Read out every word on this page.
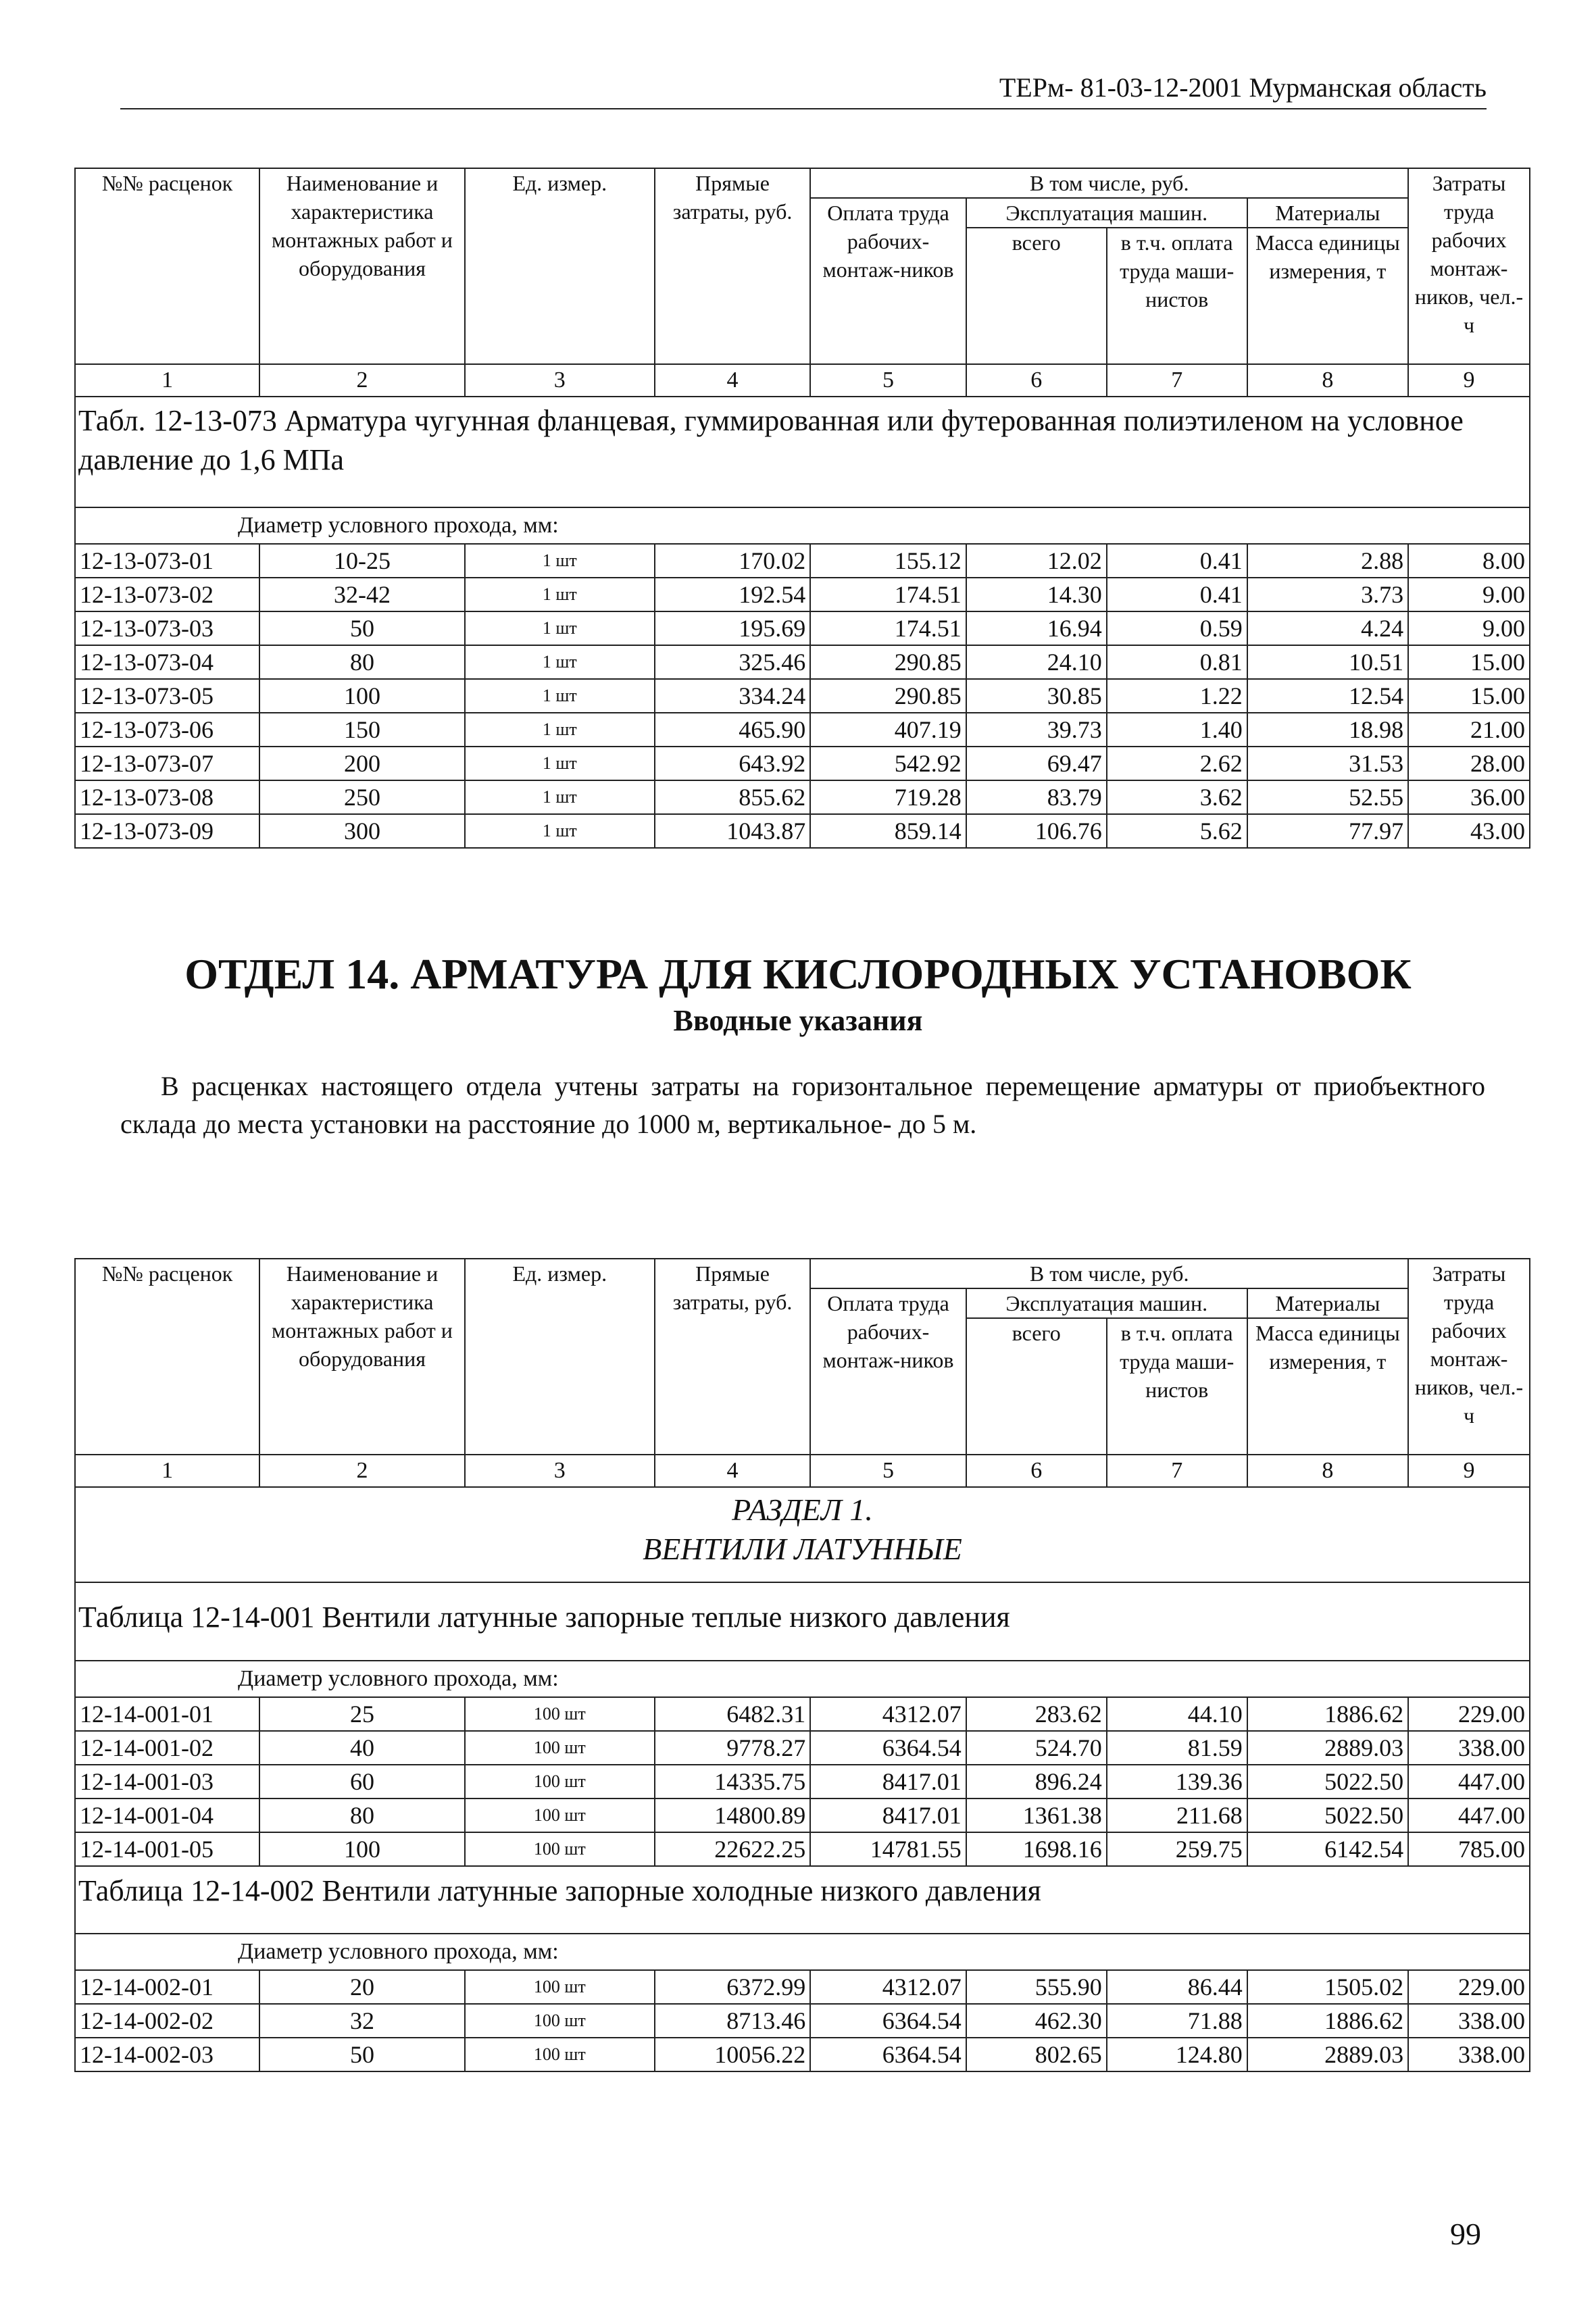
ТЕРм- 81-03-12-2001 Мурманская область
№№ расценок	Наименование и характеристика монтажных работ и оборудования	Ед. измер.	Прямые затраты, руб.	В том числе, руб.				Затраты труда рабочих монтаж-ников, чел.-ч
				Оплата труда рабочих-монтаж-ников	Эксплуатация машин.		Материалы	
					всего	в т.ч. оплата труда маши-нистов	Масса единицы измерения, т	
1	2	3	4	5	6	7	8	9
Табл. 12-13-073 Арматура чугунная фланцевая, гуммированная или футерованная полиэтиленом на условное давление до 1,6 МПа								
Диаметр условного прохода, мм:								
12-13-073-01	10-25	1 шт	170.02	155.12	12.02	0.41	2.88	8.00
12-13-073-02	32-42	1 шт	192.54	174.51	14.30	0.41	3.73	9.00
12-13-073-03	50	1 шт	195.69	174.51	16.94	0.59	4.24	9.00
12-13-073-04	80	1 шт	325.46	290.85	24.10	0.81	10.51	15.00
12-13-073-05	100	1 шт	334.24	290.85	30.85	1.22	12.54	15.00
12-13-073-06	150	1 шт	465.90	407.19	39.73	1.40	18.98	21.00
12-13-073-07	200	1 шт	643.92	542.92	69.47	2.62	31.53	28.00
12-13-073-08	250	1 шт	855.62	719.28	83.79	3.62	52.55	36.00
12-13-073-09	300	1 шт	1043.87	859.14	106.76	5.62	77.97	43.00
ОТДЕЛ 14. АРМАТУРА ДЛЯ КИСЛОРОДНЫХ УСТАНОВОК
Вводные указания
В расценках настоящего отдела учтены затраты на горизонтальное перемещение арматуры от приобъектного склада до места установки на расстояние до 1000 м, вертикальное- до 5 м.
№№ расценок	Наименование и характеристика монтажных работ и оборудования	Ед. измер.	Прямые затраты, руб.	В том числе, руб.				Затраты труда рабочих монтаж-ников, чел.-ч
				Оплата труда рабочих-монтаж-ников	Эксплуатация машин.		Материалы	
					всего	в т.ч. оплата труда маши-нистов	Масса единицы измерения, т	
1	2	3	4	5	6	7	8	9

РАЗДЕЛ 1.
ВЕНТИЛИ ЛАТУННЫЕ								

Таблица 12-14-001 Вентили латунные запорные теплые низкого давления								
Диаметр условного прохода, мм:								
12-14-001-01	25	100 шт	6482.31	4312.07	283.62	44.10	1886.62	229.00
12-14-001-02	40	100 шт	9778.27	6364.54	524.70	81.59	2889.03	338.00
12-14-001-03	60	100 шт	14335.75	8417.01	896.24	139.36	5022.50	447.00
12-14-001-04	80	100 шт	14800.89	8417.01	1361.38	211.68	5022.50	447.00
12-14-001-05	100	100 шт	22622.25	14781.55	1698.16	259.75	6142.54	785.00
Таблица 12-14-002 Вентили латунные запорные холодные низкого давления								
Диаметр условного прохода, мм:								
12-14-002-01	20	100 шт	6372.99	4312.07	555.90	86.44	1505.02	229.00
12-14-002-02	32	100 шт	8713.46	6364.54	462.30	71.88	1886.62	338.00
12-14-002-03	50	100 шт	10056.22	6364.54	802.65	124.80	2889.03	338.00
99
